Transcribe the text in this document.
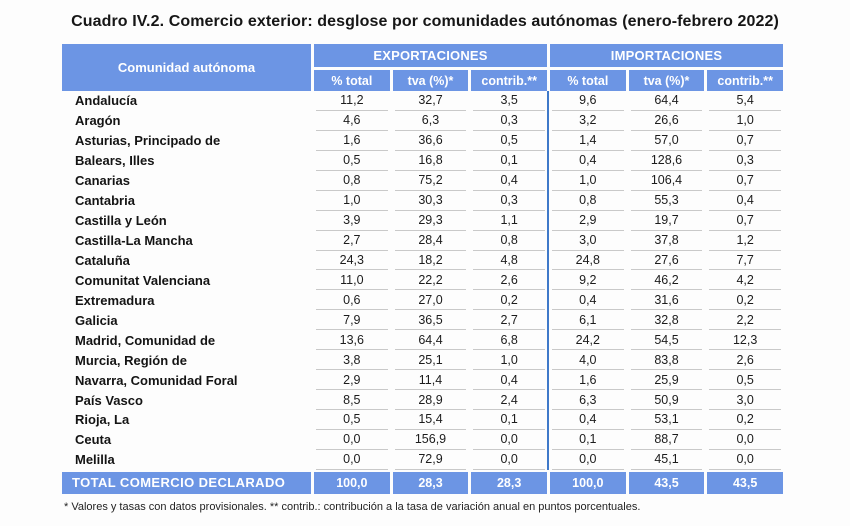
Cuadro IV.2. Comercio exterior: desglose por comunidades autónomas (enero-febrero 2022)
Comunidad autónoma
EXPORTACIONES	IMPORTACIONES
% total	tva (%)*	contrib.**	% total	tva (%)*	contrib.**
Andalucía	11,2	32,7	3,5	9,6	64,4	5,4
Aragón	4,6	6,3	0,3	3,2	26,6	1,0
Asturias, Principado de	1,6	36,6	0,5	1,4	57,0	0,7
Balears, Illes	0,5	16,8	0,1	0,4	128,6	0,3
Canarias	0,8	75,2	0,4	1,0	106,4	0,7
Cantabria	1,0	30,3	0,3	0,8	55,3	0,4
Castilla y León	3,9	29,3	1,1	2,9	19,7	0,7
Castilla-La Mancha	2,7	28,4	0,8	3,0	37,8	1,2
Cataluña	24,3	18,2	4,8	24,8	27,6	7,7
Comunitat Valenciana	11,0	22,2	2,6	9,2	46,2	4,2
Extremadura	0,6	27,0	0,2	0,4	31,6	0,2
Galicia	7,9	36,5	2,7	6,1	32,8	2,2
Madrid, Comunidad de	13,6	64,4	6,8	24,2	54,5	12,3
Murcia, Región de	3,8	25,1	1,0	4,0	83,8	2,6
Navarra, Comunidad Foral	2,9	11,4	0,4	1,6	25,9	0,5
País Vasco	8,5	28,9	2,4	6,3	50,9	3,0
Rioja, La	0,5	15,4	0,1	0,4	53,1	0,2
Ceuta	0,0	156,9	0,0	0,1	88,7	0,0
Melilla	0,0	72,9	0,0	0,0	45,1	0,0
TOTAL COMERCIO DECLARADO	100,0	28,3	28,3	100,0	43,5	43,5
* Valores y tasas con datos provisionales. ** contrib.: contribución a la tasa de variación anual en puntos porcentuales.
